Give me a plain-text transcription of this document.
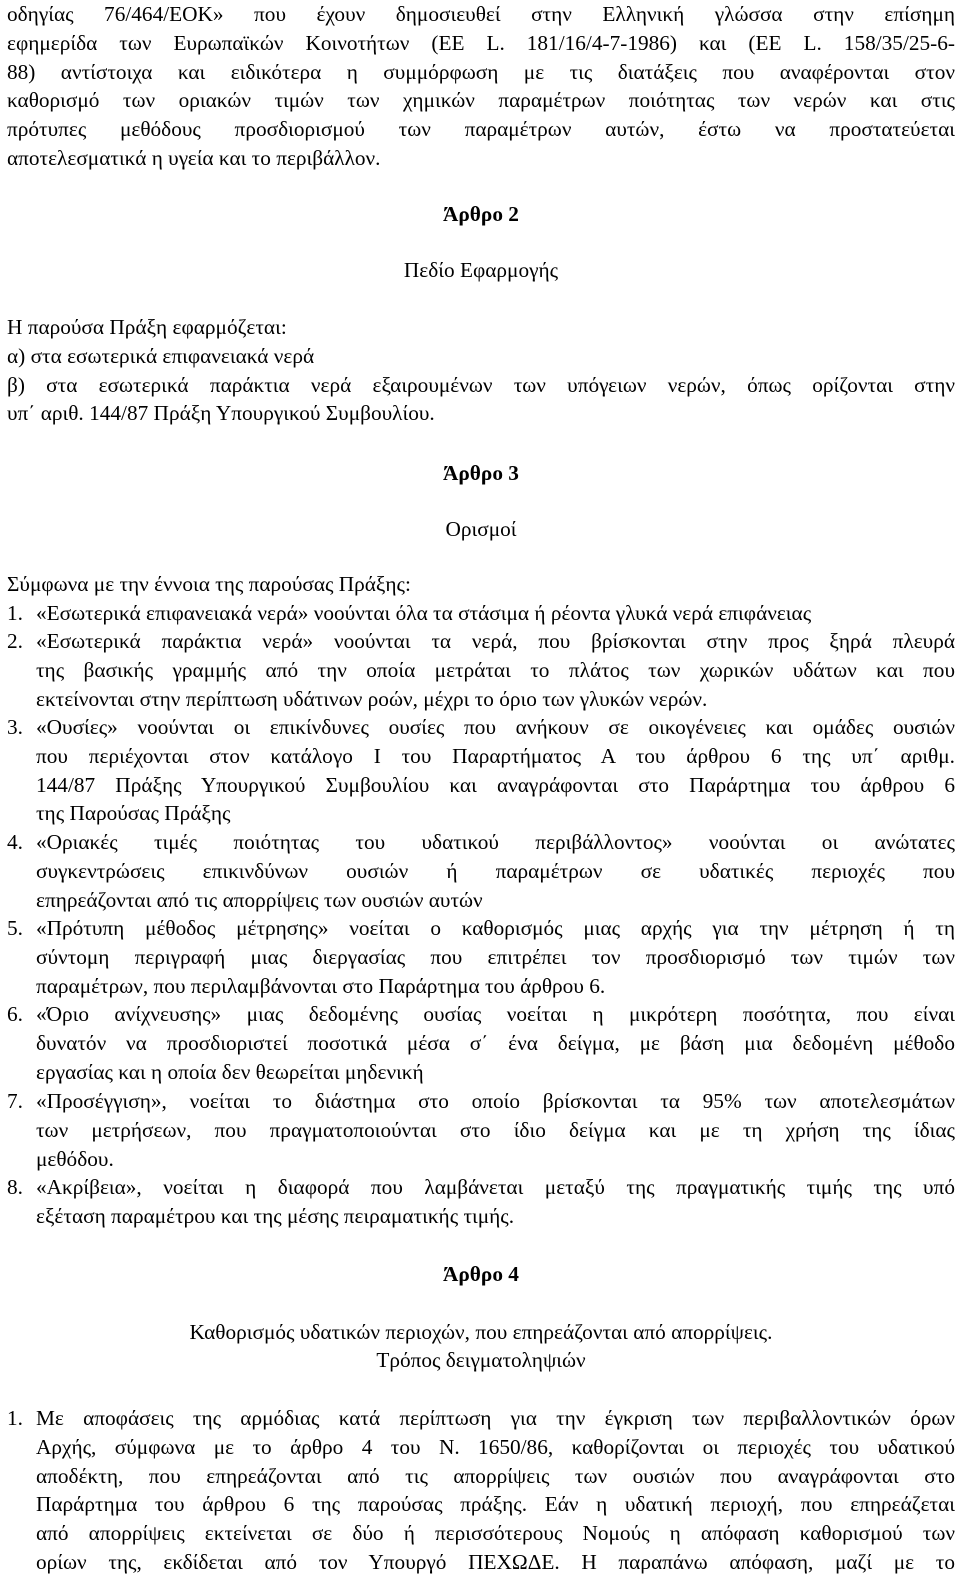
οδηγίας 76/464/ΕΟΚ» που έχουν δημοσιευθεί στην Ελληνική γλώσσα στην επίσημη
εφημερίδα των Ευρωπαϊκών Κοινοτήτων (ΕΕ L. 181/16/4-7-1986) και (ΕΕ L. 158/35/25-6-
88) αντίστοιχα και ειδικότερα η συμμόρφωση με τις διατάξεις που αναφέρονται στον
καθορισμό των οριακών τιμών των χημικών παραμέτρων ποιότητας των νερών και στις
πρότυπες μεθόδους προσδιορισμού των παραμέτρων αυτών, έστω να προστατεύεται
αποτελεσματικά η υγεία και το περιβάλλον.
Άρθρο 2
Πεδίο Εφαρμογής
Η παρούσα Πράξη εφαρμόζεται:
α) στα εσωτερικά επιφανειακά νερά
β) στα εσωτερικά παράκτια νερά εξαιρουμένων των υπόγειων νερών, όπως ορίζονται στην
υπ΄ αριθ. 144/87 Πράξη Υπουργικού Συμβουλίου.
Άρθρο 3
Ορισμοί
Σύμφωνα με την έννοια της παρούσας Πράξης:
1. «Εσωτερικά επιφανειακά νερά» νοούνται όλα τα στάσιμα ή ρέοντα γλυκά νερά επιφάνειας
2. «Εσωτερικά παράκτια νερά» νοούνται τα νερά, που βρίσκονται στην προς ξηρά πλευρά
της βασικής γραμμής από την οποία μετράται το πλάτος των χωρικών υδάτων και που
εκτείνονται στην περίπτωση υδάτινων ροών, μέχρι το όριο των γλυκών νερών.
3. «Ουσίες» νοούνται οι επικίνδυνες ουσίες που ανήκουν σε οικογένειες και ομάδες ουσιών
που περιέχονται στον κατάλογο Ι του Παραρτήματος Α του άρθρου 6 της υπ΄ αριθμ.
144/87 Πράξης Υπουργικού Συμβουλίου και αναγράφονται στο Παράρτημα του άρθρου 6
της Παρούσας Πράξης
4. «Οριακές τιμές ποιότητας του υδατικού περιβάλλοντος» νοούνται οι ανώτατες
συγκεντρώσεις επικινδύνων ουσιών ή παραμέτρων σε υδατικές περιοχές που
επηρεάζονται από τις απορρίψεις των ουσιών αυτών
5. «Πρότυπη μέθοδος μέτρησης» νοείται ο καθορισμός μιας αρχής για την μέτρηση ή τη
σύντομη περιγραφή μιας διεργασίας που επιτρέπει τον προσδιορισμό των τιμών των
παραμέτρων, που περιλαμβάνονται στο Παράρτημα του άρθρου 6.
6. «Όριο ανίχνευσης» μιας δεδομένης ουσίας νοείται η μικρότερη ποσότητα, που είναι
δυνατόν να προσδιοριστεί ποσοτικά μέσα σ΄ ένα δείγμα, με βάση μια δεδομένη μέθοδο
εργασίας και η οποία δεν θεωρείται μηδενική
7. «Προσέγγιση», νοείται το διάστημα στο οποίο βρίσκονται τα 95% των αποτελεσμάτων
των μετρήσεων, που πραγματοποιούνται στο ίδιο δείγμα και με τη χρήση της ίδιας
μεθόδου.
8. «Ακρίβεια», νοείται η διαφορά που λαμβάνεται μεταξύ της πραγματικής τιμής της υπό
εξέταση παραμέτρου και της μέσης πειραματικής τιμής.
Άρθρο 4
Καθορισμός υδατικών περιοχών, που επηρεάζονται από απορρίψεις.
Τρόπος δειγματοληψιών
1. Με αποφάσεις της αρμόδιας κατά περίπτωση για την έγκριση των περιβαλλοντικών όρων
Αρχής, σύμφωνα με το άρθρο 4 του Ν. 1650/86, καθορίζονται οι περιοχές του υδατικού
αποδέκτη, που επηρεάζονται από τις απορρίψεις των ουσιών που αναγράφονται στο
Παράρτημα του άρθρου 6 της παρούσας πράξης. Εάν η υδατική περιοχή, που επηρεάζεται
από απορρίψεις εκτείνεται σε δύο ή περισσότερους Νομούς η απόφαση καθορισμού των
ορίων της, εκδίδεται από τον Υπουργό ΠΕΧΩΔΕ. Η παραπάνω απόφαση, μαζί με το
